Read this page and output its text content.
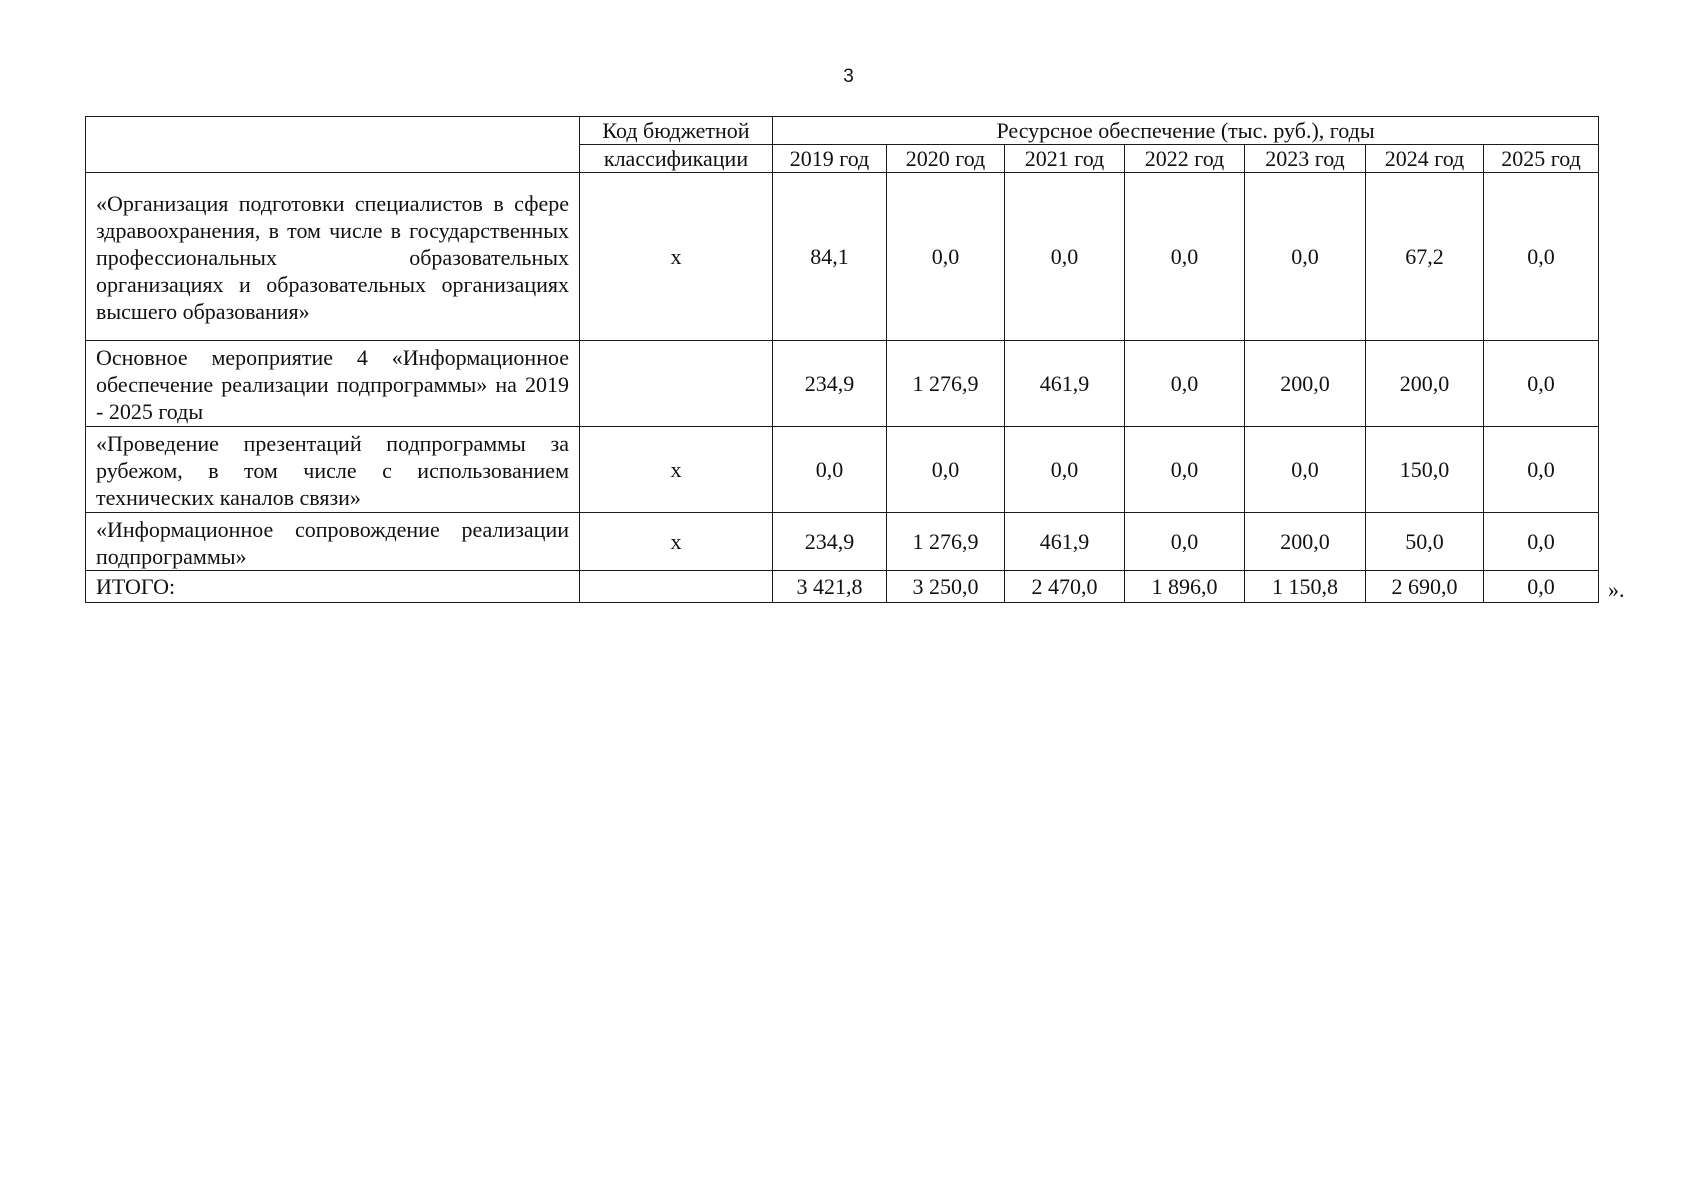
3
	Код бюджетной	Ресурсное обеспечение (тыс. руб.), годы						
	классификации	2019 год	2020 год	2021 год	2022 год	2023 год	2024 год	2025 год
«Организация подготовки специалистов в сфере здравоохранения, в том числе в государственных профессиональных образовательных организациях и образовательных организациях высшего образования»	х	84,1	0,0	0,0	0,0	0,0	67,2	0,0
Основное мероприятие 4 «Информационное обеспечение реализации подпрограммы» на 2019 - 2025 годы		234,9	1 276,9	461,9	0,0	200,0	200,0	0,0
«Проведение презентаций подпрограммы за рубежом, в том числе с использованием технических каналов связи»	х	0,0	0,0	0,0	0,0	0,0	150,0	0,0
«Информационное сопровождение реализации подпрограммы»	х	234,9	1 276,9	461,9	0,0	200,0	50,0	0,0
ИТОГО:		3 421,8	3 250,0	2 470,0	1 896,0	1 150,8	2 690,0	0,0 ».
